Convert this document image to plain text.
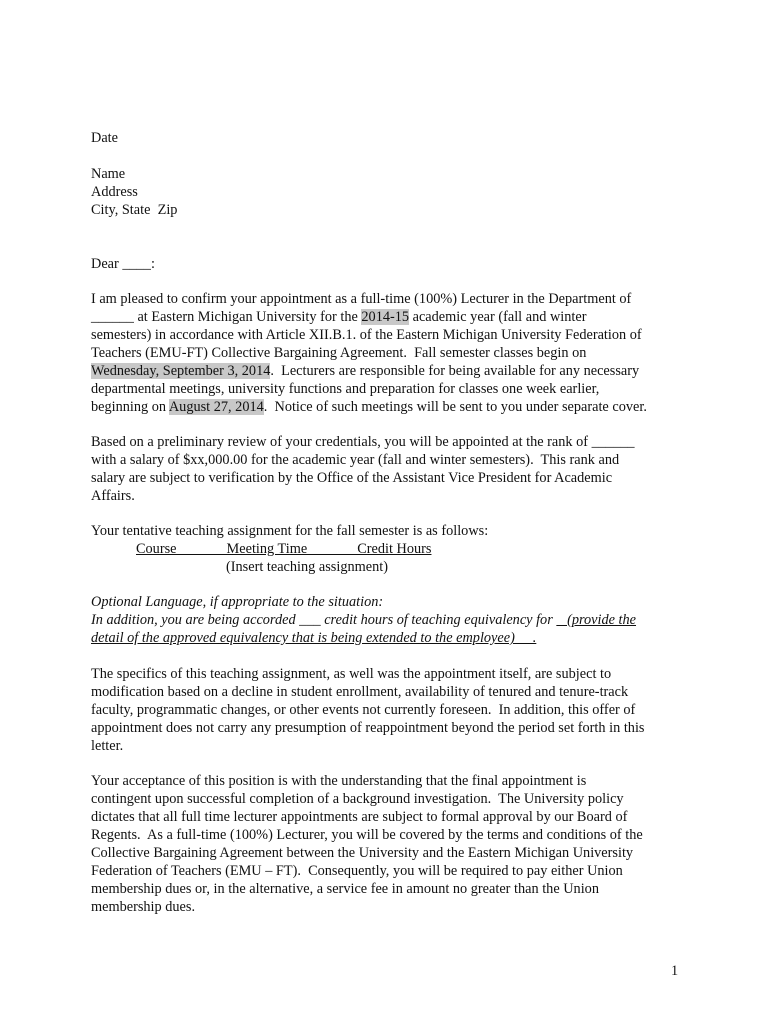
Date
Name
Address
City, State  Zip
Dear ____:
I am pleased to confirm your appointment as a full-time (100%) Lecturer in the Department of
______ at Eastern Michigan University for the 2014-15 academic year (fall and winter
semesters) in accordance with Article XII.B.1. of the Eastern Michigan University Federation of
Teachers (EMU-FT) Collective Bargaining Agreement.  Fall semester classes begin on
Wednesday, September 3, 2014.  Lecturers are responsible for being available for any necessary
departmental meetings, university functions and preparation for classes one week earlier,
beginning on August 27, 2014.  Notice of such meetings will be sent to you under separate cover.
Based on a preliminary review of your credentials, you will be appointed at the rank of ______
with a salary of $xx,000.00 for the academic year (fall and winter semesters).  This rank and
salary are subject to verification by the Office of the Assistant Vice President for Academic
Affairs.
Your tentative teaching assignment for the fall semester is as follows:
Course              Meeting Time              Credit Hours
(Insert teaching assignment)
Optional Language, if appropriate to the situation:
In addition, you are being accorded ___ credit hours of teaching equivalency for    (provide the
detail of the approved equivalency that is being extended to the employee)     .
The specifics of this teaching assignment, as well was the appointment itself, are subject to
modification based on a decline in student enrollment, availability of tenured and tenure-track
faculty, programmatic changes, or other events not currently foreseen.  In addition, this offer of
appointment does not carry any presumption of reappointment beyond the period set forth in this
letter.
Your acceptance of this position is with the understanding that the final appointment is
contingent upon successful completion of a background investigation.  The University policy
dictates that all full time lecturer appointments are subject to formal approval by our Board of
Regents.  As a full-time (100%) Lecturer, you will be covered by the terms and conditions of the
Collective Bargaining Agreement between the University and the Eastern Michigan University
Federation of Teachers (EMU – FT).  Consequently, you will be required to pay either Union
membership dues or, in the alternative, a service fee in amount no greater than the Union
membership dues.
1
